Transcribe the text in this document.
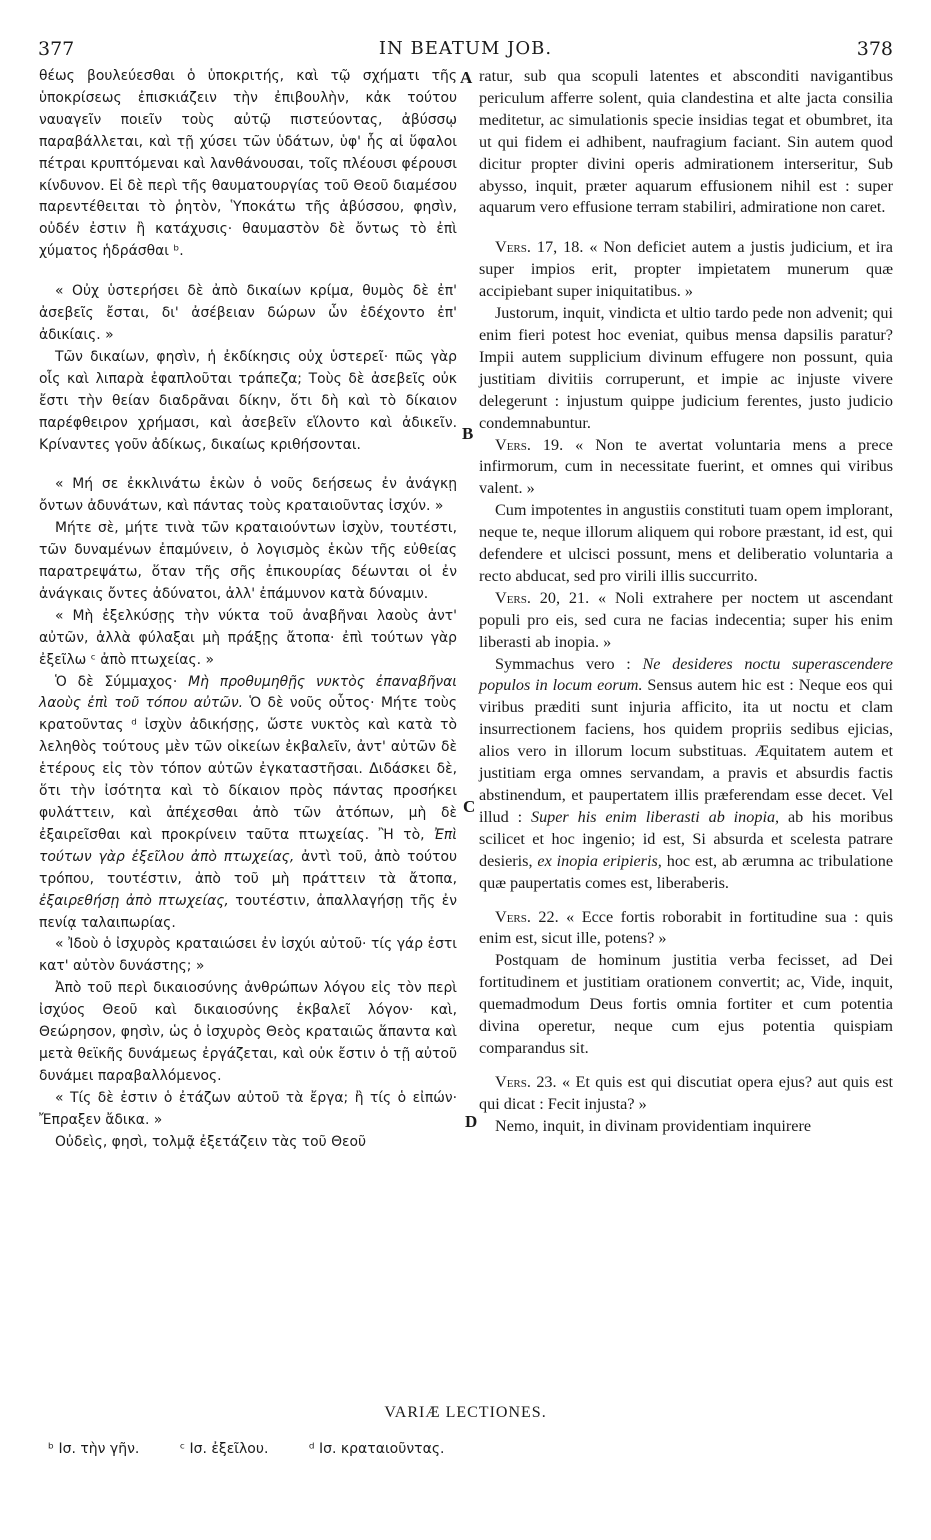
377	IN BEATUM JOB.	378
A
B
C
D

θέως βουλεύεσθαι ὁ ὑποκριτής, καὶ τῷ σχήματι τῆς ὑποκρίσεως ἐπισκιάζειν τὴν ἐπιβουλὴν, κἀκ τούτου ναυαγεῖν ποιεῖν τοὺς αὐτῷ πιστεύοντας, ἀβύσσῳ παραβάλλεται, καὶ τῇ χύσει τῶν ὑδάτων, ὑφ' ἧς αἱ ὕφαλοι πέτραι κρυπτόμεναι καὶ λανθάνουσαι, τοῖς πλέουσι φέρουσι κίνδυνον. Εἰ δὲ περὶ τῆς θαυματουργίας τοῦ Θεοῦ διαμέσου παρεντέθειται τὸ ῥητὸν, Ὑποκάτω τῆς ἀβύσσου, φησὶν, οὐδέν ἐστιν ἢ κατάχυσις· θαυμαστὸν δὲ ὄντως τὸ ἐπὶ χύματος ἡδράσθαι ᵇ.

« Οὐχ ὑστερήσει δὲ ἀπὸ δικαίων κρίμα, θυμὸς δὲ ἐπ' ἀσεβεῖς ἔσται, δι' ἀσέβειαν δώρων ὧν ἐδέχοντο ἐπ' ἀδικίαις. »

Τῶν δικαίων, φησὶν, ἡ ἐκδίκησις οὐχ ὑστερεῖ· πῶς γὰρ οἷς καὶ λιπαρὰ ἐφαπλοῦται τράπεζα; Τοὺς δὲ ἀσεβεῖς οὐκ ἔστι τὴν θείαν διαδρᾶναι δίκην, ὅτι δὴ καὶ τὸ δίκαιον παρέφθειρον χρήμασι, καὶ ἀσεβεῖν εἵλοντο καὶ ἀδικεῖν. Κρίναντες γοῦν ἀδίκως, δικαίως κριθήσονται.

« Μή σε ἐκκλινάτω ἑκὼν ὁ νοῦς δεήσεως ἐν ἀνάγκῃ ὄντων ἀδυνάτων, καὶ πάντας τοὺς κραταιοῦντας ἰσχύν. »

Μήτε σὲ, μήτε τινὰ τῶν κραταιούντων ἰσχὺν, τουτέστι, τῶν δυναμένων ἐπαμύνειν, ὁ λογισμὸς ἑκὼν τῆς εὐθείας παρατρεψάτω, ὅταν τῆς σῆς ἐπικουρίας δέωνται οἱ ἐν ἀνάγκαις ὄντες ἀδύνατοι, ἀλλ' ἐπάμυνον κατὰ δύναμιν.

« Μὴ ἐξελκύσῃς τὴν νύκτα τοῦ ἀναβῆναι λαοὺς ἀντ' αὐτῶν, ἀλλὰ φύλαξαι μὴ πράξῃς ἄτοπα· ἐπὶ τούτων γὰρ ἐξεῖλω ᶜ ἀπὸ πτωχείας. »

Ὁ δὲ Σύμμαχος· Μὴ προθυμηθῇς νυκτὸς ἐπαναβῆναι λαοὺς ἐπὶ τοῦ τόπου αὐτῶν. Ὁ δὲ νοῦς οὗτος· Μήτε τοὺς κρατοῦντας ᵈ ἰσχὺν ἀδικήσῃς, ὥστε νυκτὸς καὶ κατὰ τὸ λεληθὸς τούτους μὲν τῶν οἰκείων ἐκβαλεῖν, ἀντ' αὐτῶν δὲ ἑτέρους εἰς τὸν τόπον αὐτῶν ἐγκαταστῆσαι. Διδάσκει δὲ, ὅτι τὴν ἰσότητα καὶ τὸ δίκαιον πρὸς πάντας προσήκει φυλάττειν, καὶ ἀπέχεσθαι ἀπὸ τῶν ἀτόπων, μὴ δὲ ἐξαιρεῖσθαι καὶ προκρίνειν ταῦτα πτωχείας. Ἢ τὸ, Ἐπὶ τούτων γὰρ ἐξεῖλου ἀπὸ πτωχείας, ἀντὶ τοῦ, ἀπὸ τούτου τρόπου, τουτέστιν, ἀπὸ τοῦ μὴ πράττειν τὰ ἄτοπα, ἐξαιρεθήσῃ ἀπὸ πτωχείας, τουτέστιν, ἀπαλλαγήσῃ τῆς ἐν πενίᾳ ταλαιπωρίας.

« Ἰδοὺ ὁ ἰσχυρὸς κραταιώσει ἐν ἰσχύι αὐτοῦ· τίς γάρ ἐστι κατ' αὐτὸν δυνάστης; »

Ἀπὸ τοῦ περὶ δικαιοσύνης ἀνθρώπων λόγου εἰς τὸν περὶ ἰσχύος Θεοῦ καὶ δικαιοσύνης ἐκβαλεῖ λόγον· καὶ, Θεώρησον, φησὶν, ὡς ὁ ἰσχυρὸς Θεὸς κραταιῶς ἅπαντα καὶ μετὰ θεϊκῆς δυνάμεως ἐργάζεται, καὶ οὐκ ἔστιν ὁ τῇ αὐτοῦ δυνάμει παραβαλλόμενος.

« Τίς δὲ ἐστιν ὁ ἐτάζων αὐτοῦ τὰ ἔργα; ἢ τίς ὁ εἰπών· Ἔπραξεν ἄδικα. »

Οὐδεὶς, φησὶ, τολμᾷ ἐξετάζειν τὰς τοῦ Θεοῦ

ratur, sub qua scopuli latentes et absconditi navigantibus periculum afferre solent, quia clandestina et alte jacta consilia meditetur, ac simulationis specie insidias tegat et obumbret, ita ut qui fidem ei adhibent, naufragium faciant. Sin autem quod dicitur propter divini operis admirationem interseritur, Sub abysso, inquit, præter aquarum effusionem nihil est : super aquarum vero effusione terram stabiliri, admiratione non caret.

Vers. 17, 18. « Non deficiet autem a justis judicium, et ira super impios erit, propter impietatem munerum quæ accipiebant super iniquitatibus. »

Justorum, inquit, vindicta et ultio tardo pede non advenit; qui enim fieri potest hoc eveniat, quibus mensa dapsilis paratur? Impii autem supplicium divinum effugere non possunt, quia justitiam divitiis corruperunt, et impie ac injuste vivere delegerunt : injustum quippe judicium ferentes, justo judicio condemnabuntur.

Vers. 19. « Non te avertat voluntaria mens a prece infirmorum, cum in necessitate fuerint, et omnes qui viribus valent. »

Cum impotentes in angustiis constituti tuam opem implorant, neque te, neque illorum aliquem qui robore præstant, id est, qui defendere et ulcisci possunt, mens et deliberatio voluntaria a recto abducat, sed pro virili illis succurrito.

Vers. 20, 21. « Noli extrahere per noctem ut ascendant populi pro eis, sed cura ne facias indecentia; super his enim liberasti ab inopia. »

Symmachus vero : Ne desideres noctu superascendere populos in locum eorum. Sensus autem hic est : Neque eos qui viribus præditi sunt injuria afficito, ita ut noctu et clam insurrectionem faciens, hos quidem propriis sedibus ejicias, alios vero in illorum locum substituas. Æquitatem autem et justitiam erga omnes servandam, a pravis et absurdis factis abstinendum, et paupertatem illis præferendam esse decet. Vel illud : Super his enim liberasti ab inopia, ab his moribus scilicet et hoc ingenio; id est, Si absurda et scelesta patrare desieris, ex inopia eripieris, hoc est, ab ærumna ac tribulatione quæ paupertatis comes est, liberaberis.

Vers. 22. « Ecce fortis roborabit in fortitudine sua : quis enim est, sicut ille, potens? »

Postquam de hominum justitia verba fecisset, ad Dei fortitudinem et justitiam orationem convertit; ac, Vide, inquit, quemadmodum Deus fortis omnia fortiter et cum potentia divina operetur, neque cum ejus potentia quispiam comparandus sit.

Vers. 23. « Et quis est qui discutiat opera ejus? aut quis est qui dicat : Fecit injusta? »

Nemo, inquit, in divinam providentiam inquirere

VARIÆ LECTIONES.
ᵇ Ισ. τὴν γῆν.	ᶜ Ισ. ἐξεῖλου.	ᵈ Ισ. κραταιοῦντας.
